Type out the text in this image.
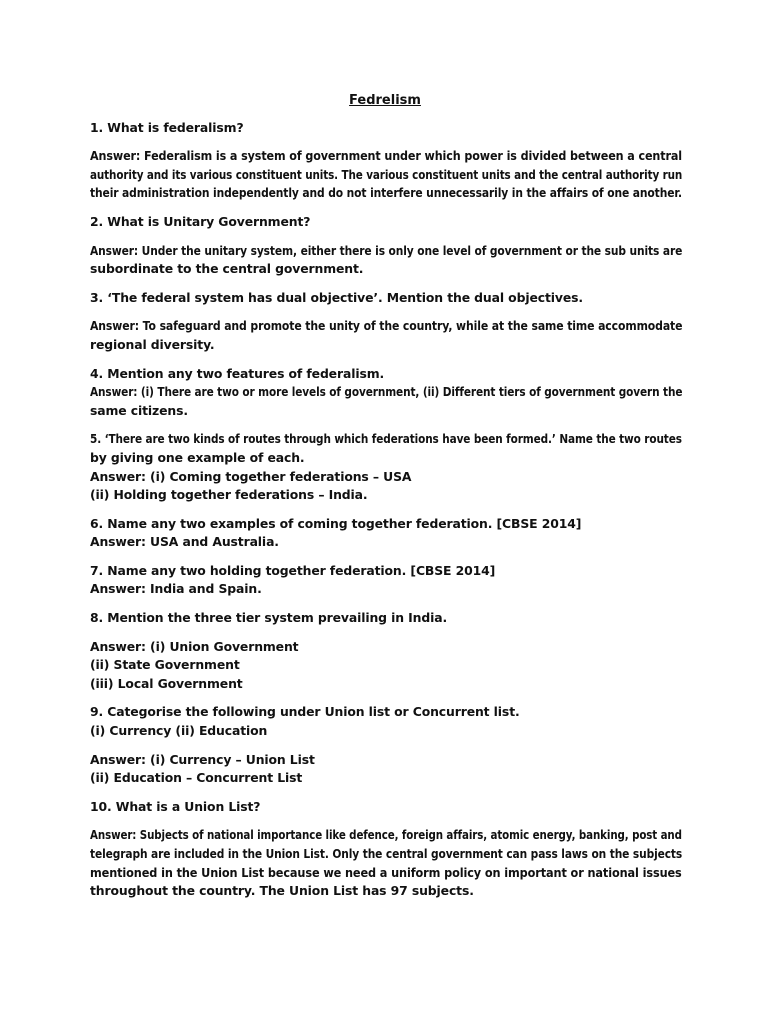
Fedrelism
1. What is federalism?
Answer: Federalism is a system of government under which power is divided between a central
authority and its various constituent units. The various constituent units and the central authority run
their administration independently and do not interfere unnecessarily in the affairs of one another.
2. What is Unitary Government?
Answer: Under the unitary system, either there is only one level of government or the sub units are
subordinate to the central government.
3. ‘The federal system has dual objective’. Mention the dual objectives.
Answer: To safeguard and promote the unity of the country, while at the same time accommodate
regional diversity.
4. Mention any two features of federalism.
Answer: (i) There are two or more levels of government, (ii) Different tiers of government govern the
same citizens.
5. ‘There are two kinds of routes through which federations have been formed.’ Name the two routes
by giving one example of each.
Answer: (i) Coming together federations – USA
(ii) Holding together federations – India.
6. Name any two examples of coming together federation. [CBSE 2014]
Answer: USA and Australia.
7. Name any two holding together federation. [CBSE 2014]
Answer: India and Spain.
8. Mention the three tier system prevailing in India.
Answer: (i) Union Government
(ii) State Government
(iii) Local Government
9. Categorise the following under Union list or Concurrent list.
(i) Currency (ii) Education
Answer: (i) Currency – Union List
(ii) Education – Concurrent List
10. What is a Union List?
Answer: Subjects of national importance like defence, foreign affairs, atomic energy, banking, post and
telegraph are included in the Union List. Only the central government can pass laws on the subjects
mentioned in the Union List because we need a uniform policy on important or national issues
throughout the country. The Union List has 97 subjects.
